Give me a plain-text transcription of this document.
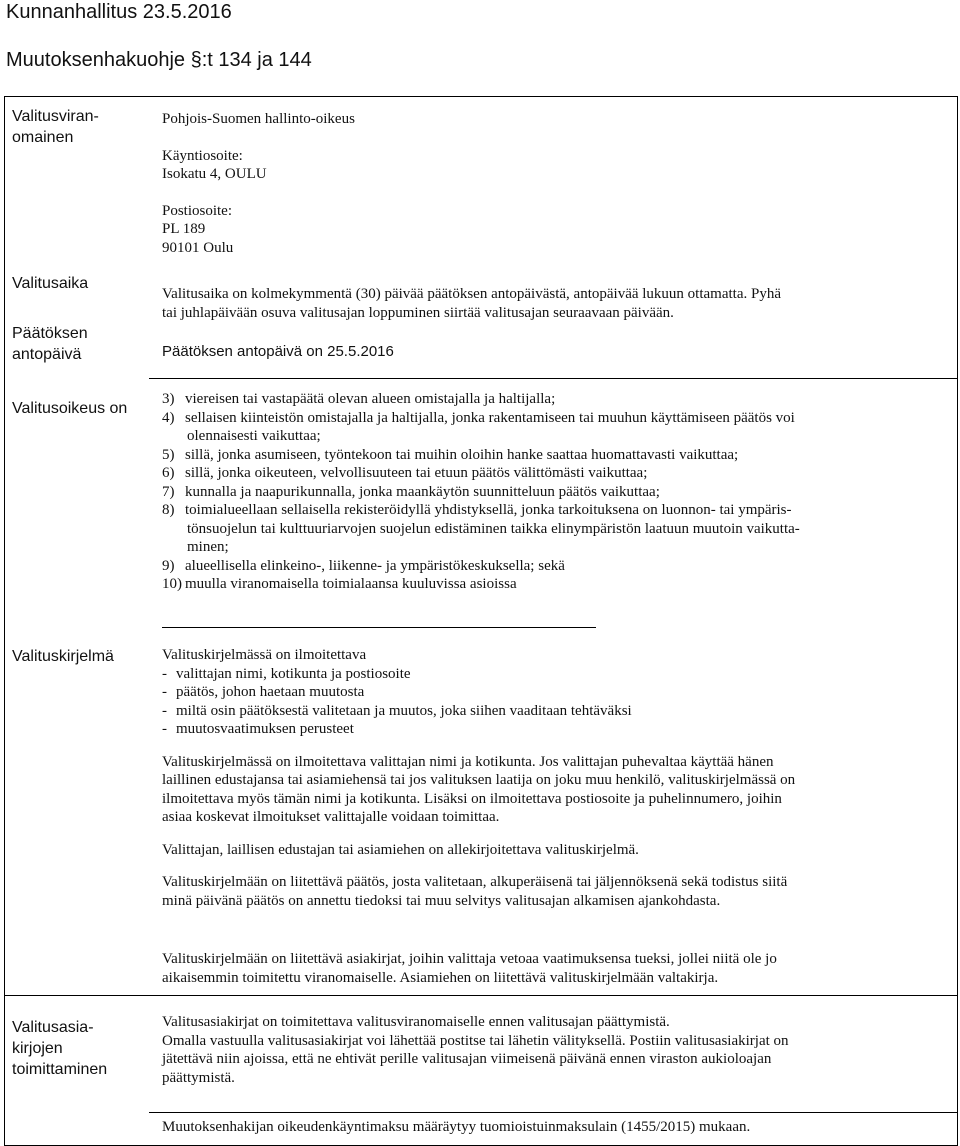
Kunnanhallitus 23.5.2016
Muutoksenhakuohje §:t 134 ja 144
Valitusviran-
omainen
Valitusaika
Päätöksen
antopäivä
Valitusoikeus on
Valituskirjelmä
Valitusasia-
kirjojen
toimittaminen
Pohjois-Suomen hallinto-oikeus
Käyntiosoite:
Isokatu 4, OULU
Postiosoite:
PL 189
90101 Oulu
Valitusaika on kolmekymmentä (30) päivää päätöksen antopäivästä, antopäivää lukuun ottamatta. Pyhä
tai juhlapäivään osuva valitusajan loppuminen siirtää valitusajan seuraavaan päivään.
Päätöksen antopäivä on 25.5.2016
3) viereisen tai vastapäätä olevan alueen omistajalla ja haltijalla;
4) sellaisen kiinteistön omistajalla ja haltijalla, jonka rakentamiseen tai muuhun käyttämiseen päätös voi
olennaisesti vaikuttaa;
5) sillä, jonka asumiseen, työntekoon tai muihin oloihin hanke saattaa huomattavasti vaikuttaa;
6) sillä, jonka oikeuteen, velvollisuuteen tai etuun päätös välittömästi vaikuttaa;
7) kunnalla ja naapurikunnalla, jonka maankäytön suunnitteluun päätös vaikuttaa;
8) toimialueellaan sellaisella rekisteröidyllä yhdistyksellä, jonka tarkoituksena on luonnon- tai ympäris-
tönsuojelun tai kulttuuriarvojen suojelun edistäminen taikka elinympäristön laatuun muutoin vaikutta-
minen;
9) alueellisella elinkeino-, liikenne- ja ympäristökeskuksella; sekä
10) muulla viranomaisella toimialaansa kuuluvissa asioissa
Valituskirjelmässä on ilmoitettava
- valittajan nimi, kotikunta ja postiosoite
- päätös, johon haetaan muutosta
- miltä osin päätöksestä valitetaan ja muutos, joka siihen vaaditaan tehtäväksi
- muutosvaatimuksen perusteet
Valituskirjelmässä on ilmoitettava valittajan nimi ja kotikunta. Jos valittajan puhevaltaa käyttää hänen
laillinen edustajansa tai asiamiehensä tai jos valituksen laatija on joku muu henkilö, valituskirjelmässä on
ilmoitettava myös tämän nimi ja kotikunta. Lisäksi on ilmoitettava postiosoite ja puhelinnumero, joihin
asiaa koskevat ilmoitukset valittajalle voidaan toimittaa.
Valittajan, laillisen edustajan tai asiamiehen on allekirjoitettava valituskirjelmä.
Valituskirjelmään on liitettävä päätös, josta valitetaan, alkuperäisenä tai jäljennöksenä sekä todistus siitä
minä päivänä päätös on annettu tiedoksi tai muu selvitys valitusajan alkamisen ajankohdasta.
Valituskirjelmään on liitettävä asiakirjat, joihin valittaja vetoaa vaatimuksensa tueksi, jollei niitä ole jo
aikaisemmin toimitettu viranomaiselle. Asiamiehen on liitettävä valituskirjelmään valtakirja.
Valitusasiakirjat on toimitettava valitusviranomaiselle ennen valitusajan päättymistä.
Omalla vastuulla valitusasiakirjat voi lähettää postitse tai lähetin välityksellä. Postiin valitusasiakirjat on
jätettävä niin ajoissa, että ne ehtivät perille valitusajan viimeisenä päivänä ennen viraston aukioloajan
päättymistä.
Muutoksenhakijan oikeudenkäyntimaksu määräytyy tuomioistuinmaksulain (1455/2015) mukaan.
